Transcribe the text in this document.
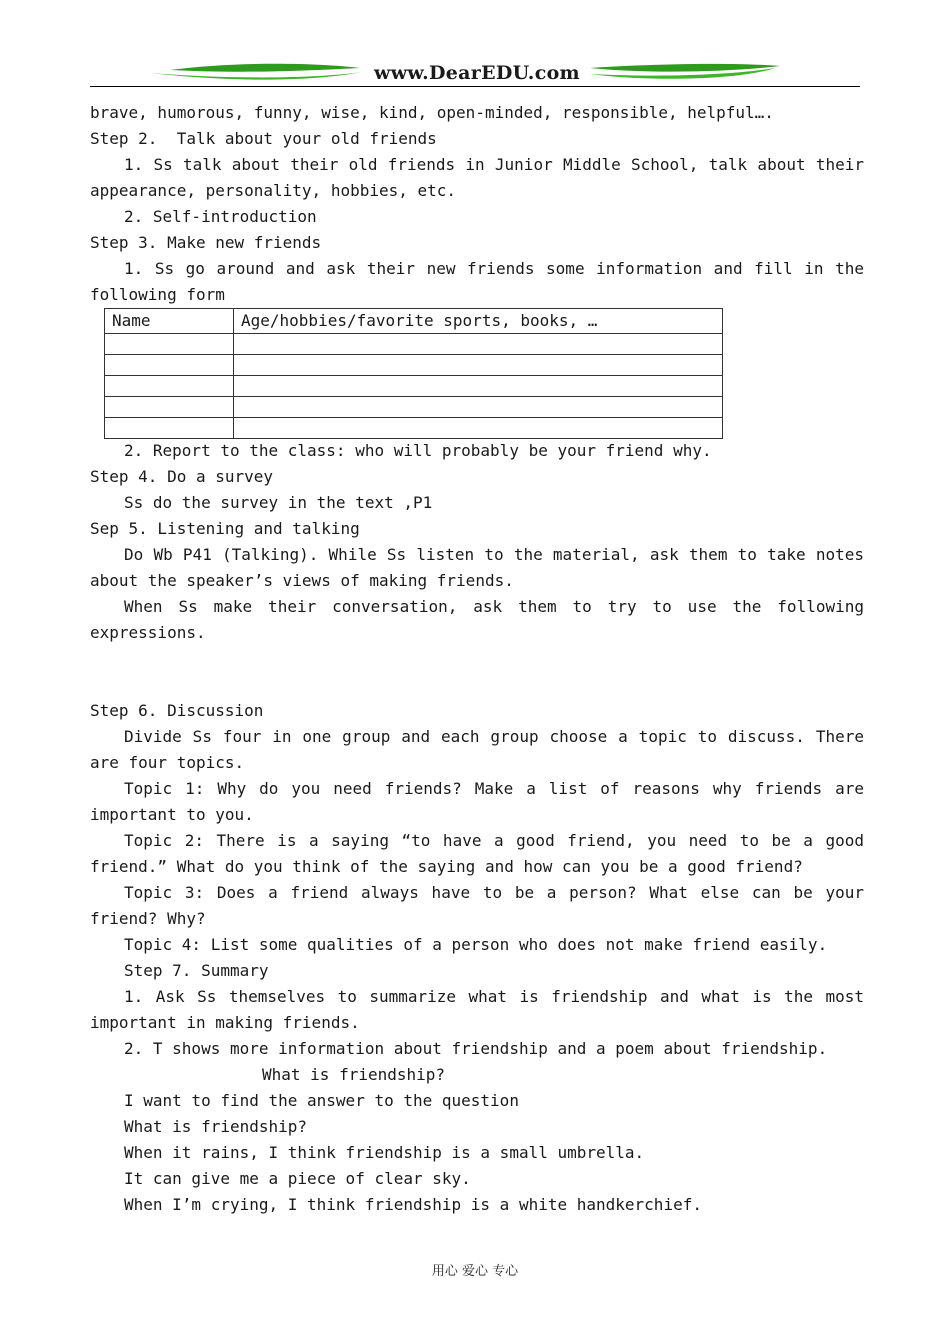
www.DearEDU.com
brave, humorous, funny, wise, kind, open-minded, responsible, helpful….
Step 2.  Talk about your old friends
1. Ss talk about their old friends in Junior Middle School, talk about their
appearance, personality, hobbies, etc.
2. Self-introduction
Step 3. Make new friends
1. Ss go around and ask their new friends some information and fill in the
following form
Name	Age/hobbies/favorite sports, books, …

2. Report to the class: who will probably be your friend why.
Step 4. Do a survey
Ss do the survey in the text ,P1
Sep 5. Listening and talking
Do Wb P41 (Talking). While Ss listen to the material, ask them to take notes
about the speaker’s views of making friends.
When Ss make their conversation, ask them to try to use the following
expressions.

Step 6. Discussion
Divide Ss four in one group and each group choose a topic to discuss. There
are four topics.
Topic 1: Why do you need friends? Make a list of reasons why friends are
important to you.
Topic 2: There is a saying “to have a good friend, you need to be a good
friend.” What do you think of the saying and how can you be a good friend?
Topic 3: Does a friend always have to be a person? What else can be your
friend? Why?
Topic 4: List some qualities of a person who does not make friend easily.
Step 7. Summary
1. Ask Ss themselves to summarize what is friendship and what is the most
important in making friends.
2. T shows more information about friendship and a poem about friendship.
What is friendship?
I want to find the answer to the question
What is friendship?
When it rains, I think friendship is a small umbrella.
It can give me a piece of clear sky.
When I’m crying, I think friendship is a white handkerchief.
用心 爱心 专心
